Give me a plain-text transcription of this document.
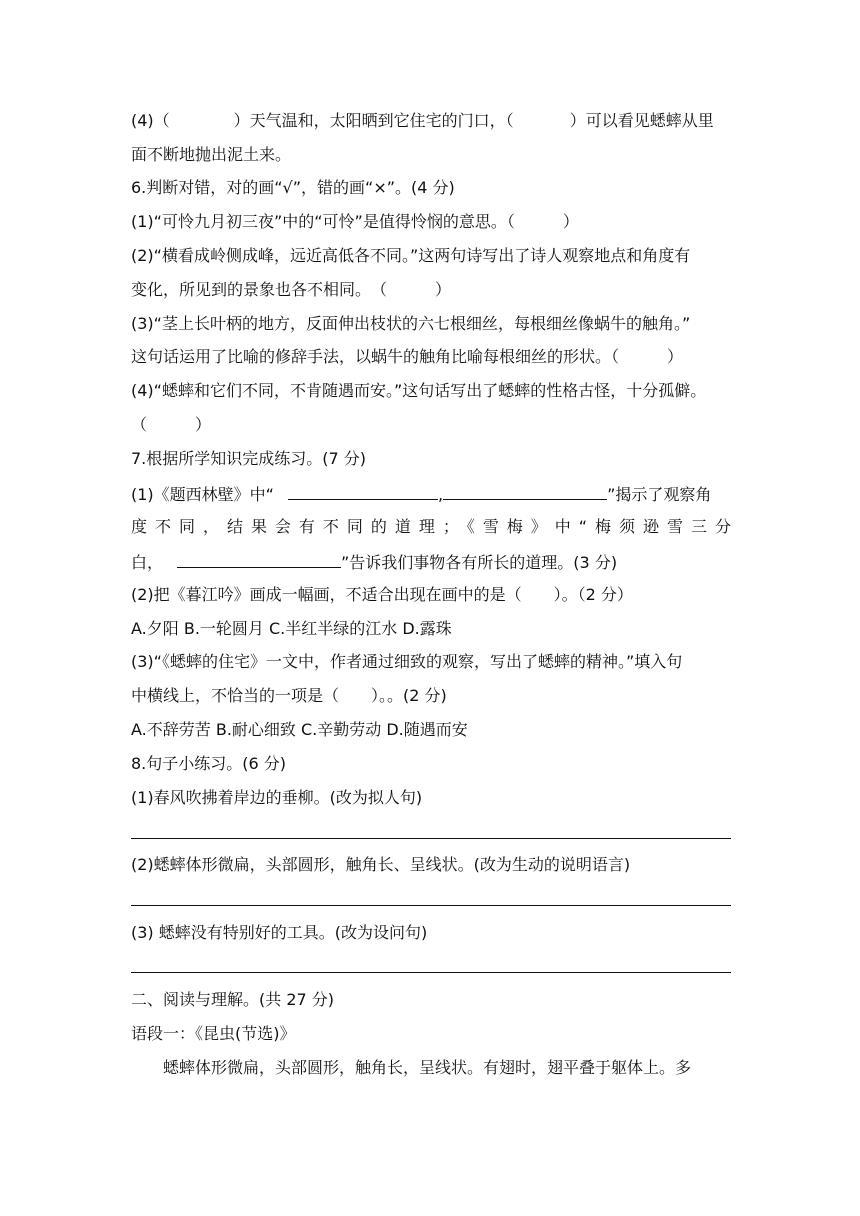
(4)（	）天气温和，太阳晒到它住宅的门口，（	）可以看见蟋蟀从里
面不断地抛出泥土来。
6.判断对错，对的画“√”，错的画“×”。(4 分)
(1)“可怜九月初三夜”中的“可怜”是值得怜悯的意思。（　　　）
(2)“横看成岭侧成峰，远近高低各不同。”这两句诗写出了诗人观察地点和角度有
变化，所见到的景象也各不相同。　（　　　）
(3)“茎上长叶柄的地方，反面伸出枝状的六七根细丝，每根细丝像蜗牛的触角。”
这句话运用了比喻的修辞手法，以蜗牛的触角比喻每根细丝的形状。（　　　）
(4)“蟋蟀和它们不同，不肯随遇而安。”这句话写出了蟋蟀的性格古怪，十分孤僻。
（　　　）
7.根据所学知识完成练习。(7 分)
(1)《题西林壁》中“	,	”揭示了观察角
度不同，结果会有不同的道理；《雪梅》中“梅须逊雪三分
白，	”告诉我们事物各有所长的道理。(3 分)
(2)把《暮江吟》画成一幅画，不适合出现在画中的是（　　）。（2 分）
A.夕阳 B.一轮圆月 C.半红半绿的江水 D.露珠
(3)“《蟋蟀的住宅》一文中，作者通过细致的观察，写出了蟋蟀的精神。”填入句
中横线上，不恰当的一项是（　　）。。(2 分)
A.不辞劳苦 B.耐心细致 C.辛勤劳动 D.随遇而安
8.句子小练习。(6 分)
(1)春风吹拂着岸边的垂柳。(改为拟人句)
(2)蟋蟀体形微扁，头部圆形，触角长、呈线状。(改为生动的说明语言)
(3) 蟋蟀没有特别好的工具。(改为设问句)
二、阅读与理解。(共 27 分)
语段一：《昆虫(节选)》
蟋蟀体形微扁，头部圆形，触角长，呈线状。有翅时，翅平叠于躯体上。多
